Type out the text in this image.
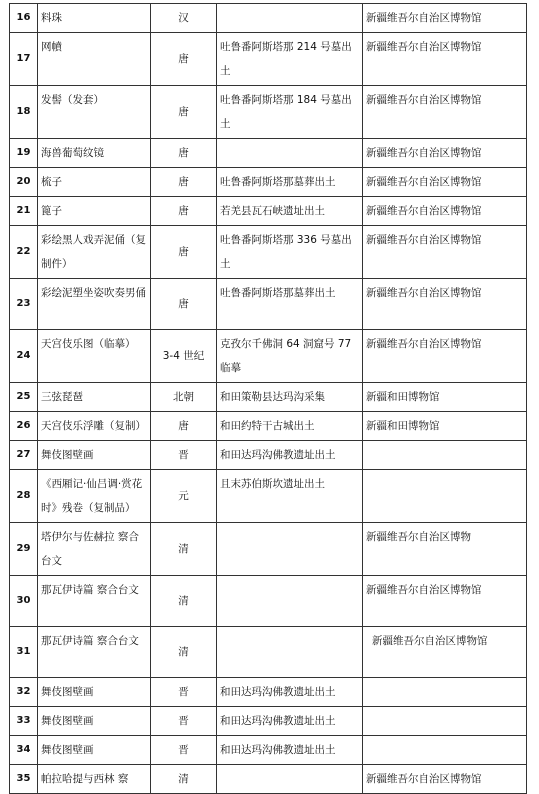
16	料珠	汉		新疆维吾尔自治区博物馆

17	网幩	唐	吐鲁番阿斯塔那 214 号墓出土	新疆维吾尔自治区博物馆

18	发髻（发套）	唐	吐鲁番阿斯塔那 184 号墓出土	新疆维吾尔自治区博物馆

19	海兽葡萄纹镜	唐		新疆维吾尔自治区博物馆

20	梳子	唐	吐鲁番阿斯塔那墓葬出土	新疆维吾尔自治区博物馆

21	篦子	唐	若羌县瓦石峡遗址出土	新疆维吾尔自治区博物馆

22	彩绘黑人戏弄泥俑（复制件）	唐	吐鲁番阿斯塔那 336 号墓出土	新疆维吾尔自治区博物馆

23	彩绘泥塑坐姿吹奏男俑	唐	吐鲁番阿斯塔那墓葬出土	新疆维吾尔自治区博物馆

24	天宫伎乐图（临摹）	3-4 世纪	克孜尔千佛洞 64 洞窟号 77 临摹	新疆维吾尔自治区博物馆

25	三弦琵琶	北朝	和田策勒县达玛沟采集	新疆和田博物馆

26	天宫伎乐浮雕（复制）	唐	和田约特干古城出土	新疆和田博物馆

27	舞伎图壁画	晋	和田达玛沟佛教遗址出土	

28	《西厢记·仙吕调·赏花时》残卷（复制品）	元	且末苏伯斯坎遗址出土	

29	塔伊尔与佐赫拉 察合台文	清		新疆维吾尔自治区博物

30	那瓦伊诗篇 察合台文	清		新疆维吾尔自治区博物馆

31	那瓦伊诗篇 察合台文	清		新疆维吾尔自治区博物馆

32	舞伎图壁画	晋	和田达玛沟佛教遗址出土	

33	舞伎图壁画	晋	和田达玛沟佛教遗址出土	

34	舞伎图壁画	晋	和田达玛沟佛教遗址出土	

35	帕拉哈提与西林 察	清		新疆维吾尔自治区博物馆
